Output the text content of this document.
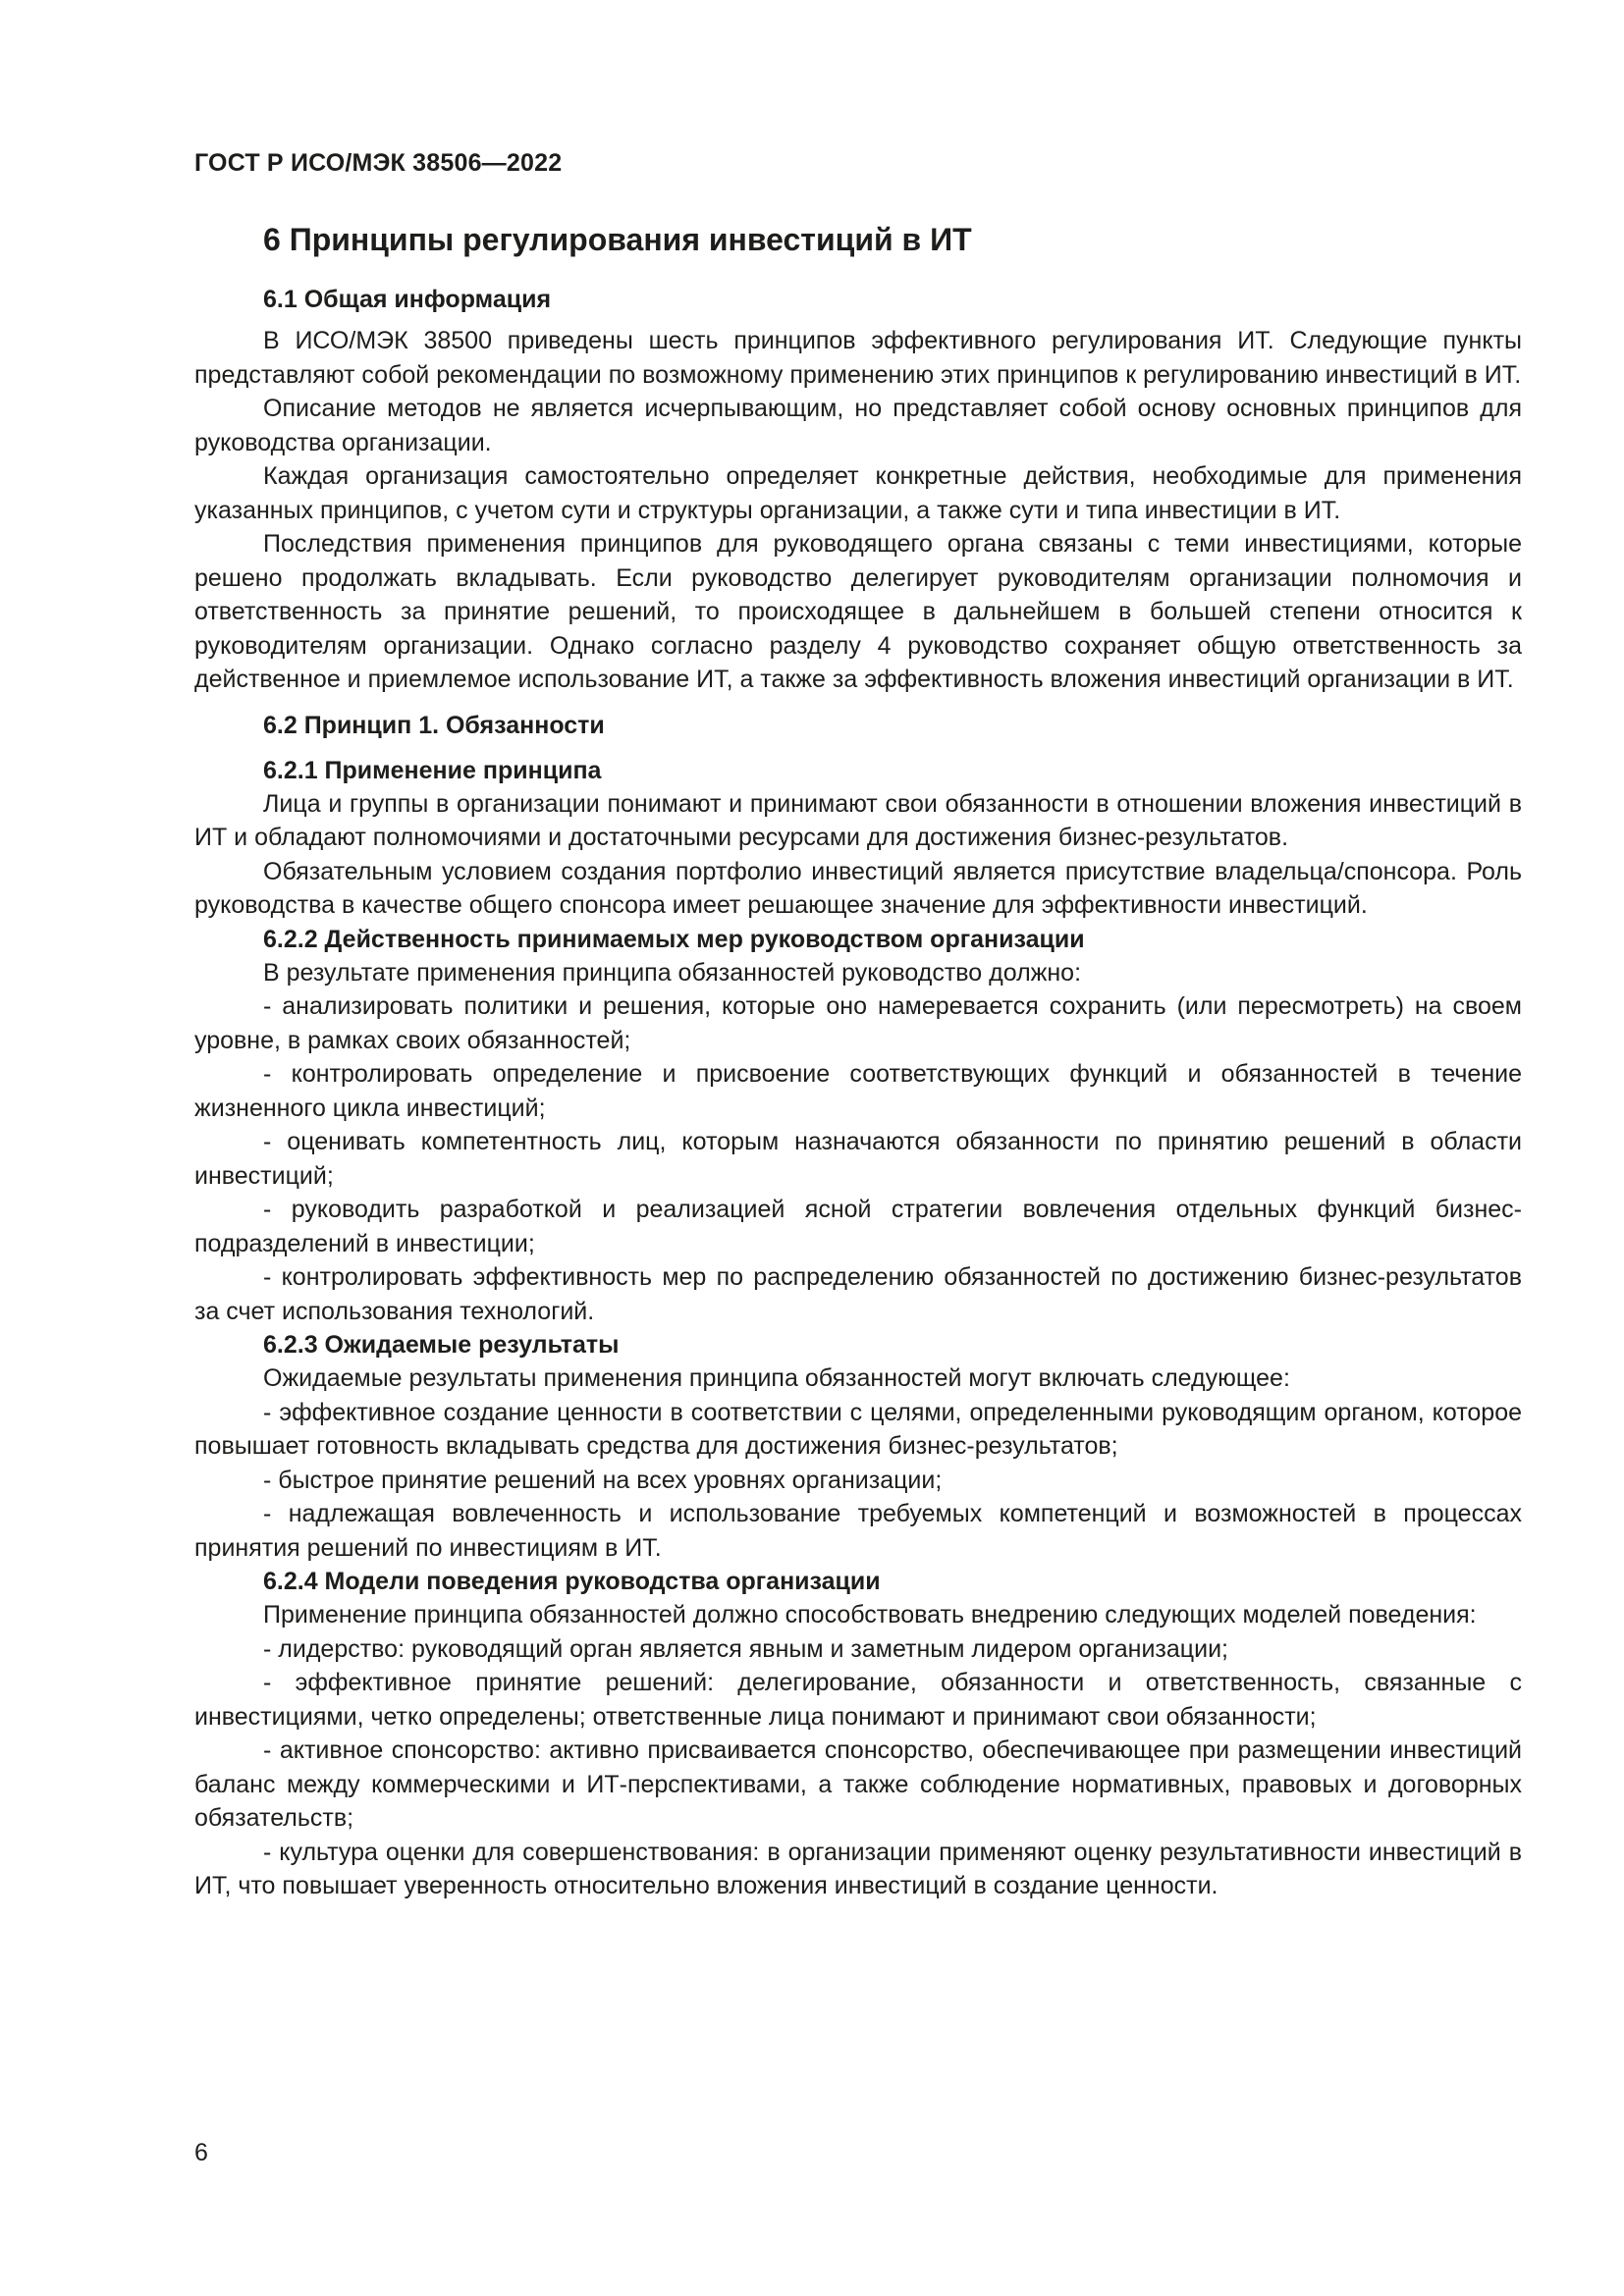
ГОСТ Р ИСО/МЭК 38506—2022
6 Принципы регулирования инвестиций в ИТ
6.1 Общая информация

В ИСО/МЭК 38500 приведены шесть принципов эффективного регулирования ИТ. Следующие пункты представляют собой рекомендации по возможному применению этих принципов к регулированию инвестиций в ИТ.

Описание методов не является исчерпывающим, но представляет собой основу основных принципов для руководства организации.

Каждая организация самостоятельно определяет конкретные действия, необходимые для применения указанных принципов, с учетом сути и структуры организации, а также сути и типа инвестиции в ИТ.

Последствия применения принципов для руководящего органа связаны с теми инвестициями, которые решено продолжать вкладывать. Если руководство делегирует руководителям организации полномочия и ответственность за принятие решений, то происходящее в дальнейшем в большей степени относится к руководителям организации. Однако согласно разделу 4 руководство сохраняет общую ответственность за действенное и приемлемое использование ИТ, а также за эффективность вложения инвестиций организации в ИТ.

6.2 Принцип 1. Обязанности
6.2.1 Применение принципа

Лица и группы в организации понимают и принимают свои обязанности в отношении вложения инвестиций в ИТ и обладают полномочиями и достаточными ресурсами для достижения бизнес-результатов.

Обязательным условием создания портфолио инвестиций является присутствие владельца/спонсора. Роль руководства в качестве общего спонсора имеет решающее значение для эффективности инвестиций.

6.2.2 Действенность принимаемых мер руководством организации

В результате применения принципа обязанностей руководство должно:

- анализировать политики и решения, которые оно намеревается сохранить (или пересмотреть) на своем уровне, в рамках своих обязанностей;

- контролировать определение и присвоение соответствующих функций и обязанностей в течение жизненного цикла инвестиций;

- оценивать компетентность лиц, которым назначаются обязанности по принятию решений в области инвестиций;

- руководить разработкой и реализацией ясной стратегии вовлечения отдельных функций бизнес-подразделений в инвестиции;

- контролировать эффективность мер по распределению обязанностей по достижению бизнес-результатов за счет использования технологий.

6.2.3 Ожидаемые результаты

Ожидаемые результаты применения принципа обязанностей могут включать следующее:

- эффективное создание ценности в соответствии с целями, определенными руководящим органом, которое повышает готовность вкладывать средства для достижения бизнес-результатов;

- быстрое принятие решений на всех уровнях организации;

- надлежащая вовлеченность и использование требуемых компетенций и возможностей в процессах принятия решений по инвестициям в ИТ.

6.2.4 Модели поведения руководства организации

Применение принципа обязанностей должно способствовать внедрению следующих моделей поведения:

- лидерство: руководящий орган является явным и заметным лидером организации;

- эффективное принятие решений: делегирование, обязанности и ответственность, связанные с инвестициями, четко определены; ответственные лица понимают и принимают свои обязанности;

- активное спонсорство: активно присваивается спонсорство, обеспечивающее при размещении инвестиций баланс между коммерческими и ИТ-перспективами, а также соблюдение нормативных, правовых и договорных обязательств;

- культура оценки для совершенствования: в организации применяют оценку результативности инвестиций в ИТ, что повышает уверенность относительно вложения инвестиций в создание ценности.

6
